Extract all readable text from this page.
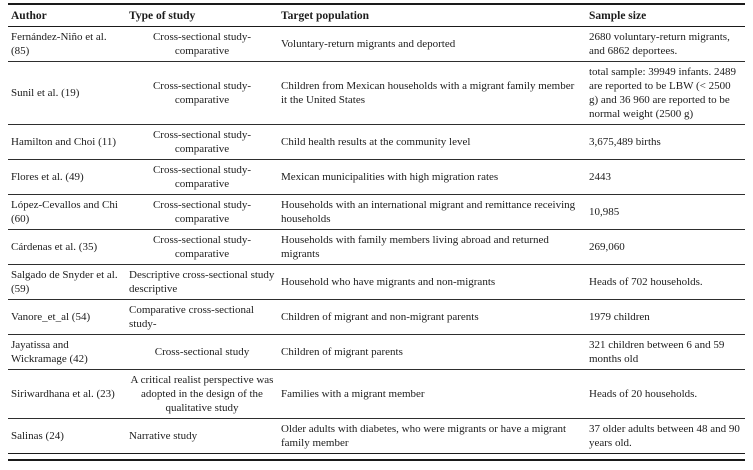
Author	Type of study	Target population	Sample size
Fernández-Niño et al. (85)	Cross-sectional study-comparative	Voluntary-return migrants and deported	2680 voluntary-return migrants, and 6862 deportees.
Sunil et al. (19)	Cross-sectional study-comparative	Children from Mexican households with a migrant family member it the United States	total sample: 39949 infants. 2489 are reported to be LBW (< 2500 g) and 36 960 are reported to be normal weight (2500 g)
Hamilton and Choi (11)	Cross-sectional study-comparative	Child health results at the community level	3,675,489 births
Flores et al. (49)	Cross-sectional study-comparative	Mexican municipalities with high migration rates	2443
López-Cevallos and Chi (60)	Cross-sectional study-comparative	Households with an international migrant and remittance receiving households	10,985
Cárdenas et al. (35)	Cross-sectional study-comparative	Households with family members living abroad and returned migrants	269,060
Salgado de Snyder et al. (59)	Descriptive cross-sectional study descriptive	Household who have migrants and non-migrants	Heads of 702 households.
Vanore_et_al (54)	Comparative cross-sectional study-	Children of migrant and non-migrant parents	1979 children
Jayatissa and Wickramage (42)	Cross-sectional study	Children of migrant parents	321 children between 6 and 59 months old
Siriwardhana et al. (23)	A critical realist perspective was adopted in the design of the qualitative study	Families with a migrant member	Heads of 20 households.
Salinas (24)	Narrative study	Older adults with diabetes, who were migrants or have a migrant family member	37 older adults between 48 and 90 years old.
